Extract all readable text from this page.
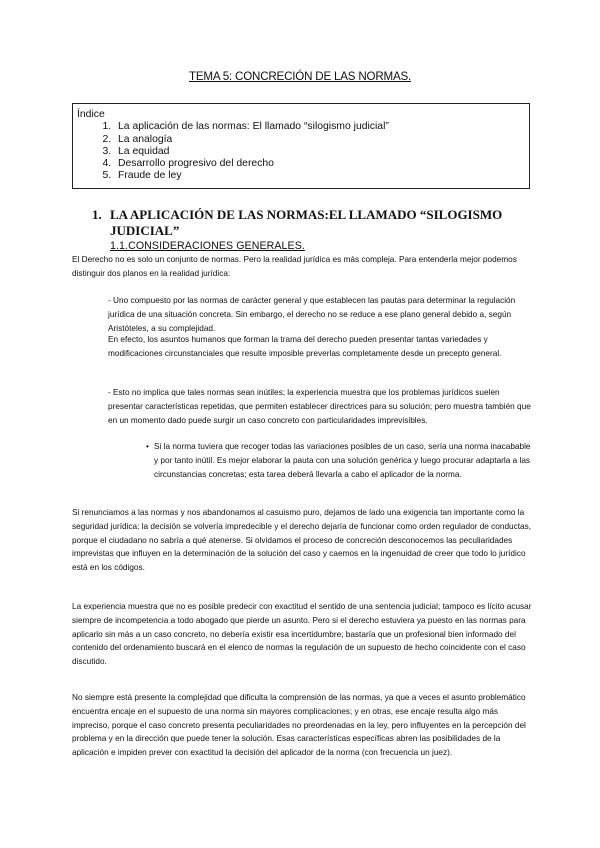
TEMA 5: CONCRECIÓN DE LAS NORMAS.
Índice
1. La aplicación de las normas: El llamado “silogismo judicial”
2. La analogía
3. La equidad
4. Desarrollo progresivo del derecho
5. Fraude de ley
1. LA APLICACIÓN DE LAS NORMAS:EL LLAMADO “SILOGISMO JUDICIAL”
1.1.CONSIDERACIONES GENERALES.

El Derecho no es solo un conjunto de normas. Pero la realidad jurídica es más compleja. Para entenderla mejor podemos distinguir dos planos en la realidad jurídica:

- Uno compuesto por las normas de carácter general y que establecen las pautas para determinar la regulación jurídica de una situación concreta. Sin embargo, el derecho no se reduce a ese plano general debido a, según Aristóteles, a su complejidad.

En efecto, los asuntos humanos que forman la trama del derecho pueden presentar tantas variedades y modificaciones circunstanciales que resulte imposible preverlas completamente desde un precepto general.

- Esto no implica que tales normas sean inútiles; la experiencia muestra que los problemas jurídicos suelen presentar características repetidas, que permiten establecer directrices para su solución; pero muestra también que en un momento dado puede surgir un caso concreto con particularidades imprevisibles.

• Si la norma tuviera que recoger todas las variaciones posibles de un caso, sería una norma inacabable y por tanto inútil. Es mejor elaborar la pauta con una solución genérica y luego procurar adaptarla a las circunstancias concretas; esta tarea deberá llevarla a cabo el aplicador de la norma.

Si renunciamos a las normas y nos abandonamos al casuismo puro, dejamos de lado una exigencia tan importante como la seguridad jurídica; la decisión se volvería impredecible y el derecho dejaría de funcionar como orden regulador de conductas, porque el ciudadano no sabría a qué atenerse. Si olvidamos el proceso de concreción desconocemos las peculiaridades imprevistas que influyen en la determinación de la solución del caso y caemos en la ingenuidad de creer que todo lo jurídico está en los códigos.

La experiencia muestra que no es posible predecir con exactitud el sentido de una sentencia judicial; tampoco es lícito acusar siempre de incompetencia a todo abogado que pierde un asunto. Pero si el derecho estuviera ya puesto en las normas para aplicarlo sin más a un caso concreto, no debería existir esa incertidumbre; bastaría que un profesional bien informado del contenido del ordenamiento buscará en el elenco de normas la regulación de un supuesto de hecho coincidente con el caso discutido.

No siempre está presente la complejidad que dificulta la comprensión de las normas, ya que a veces el asunto problemático encuentra encaje en el supuesto de una norma sin mayores complicaciones; y en otras, ese encaje resulta algo más impreciso, porque el caso concreto presenta peculiaridades no preordenadas en la ley, pero influyentes en la percepción del problema y en la dirección que puede tener la solución. Esas características específicas abren las posibilidades de la aplicación e impiden prever con exactitud la decisión del aplicador de la norma (con frecuencia un juez).
